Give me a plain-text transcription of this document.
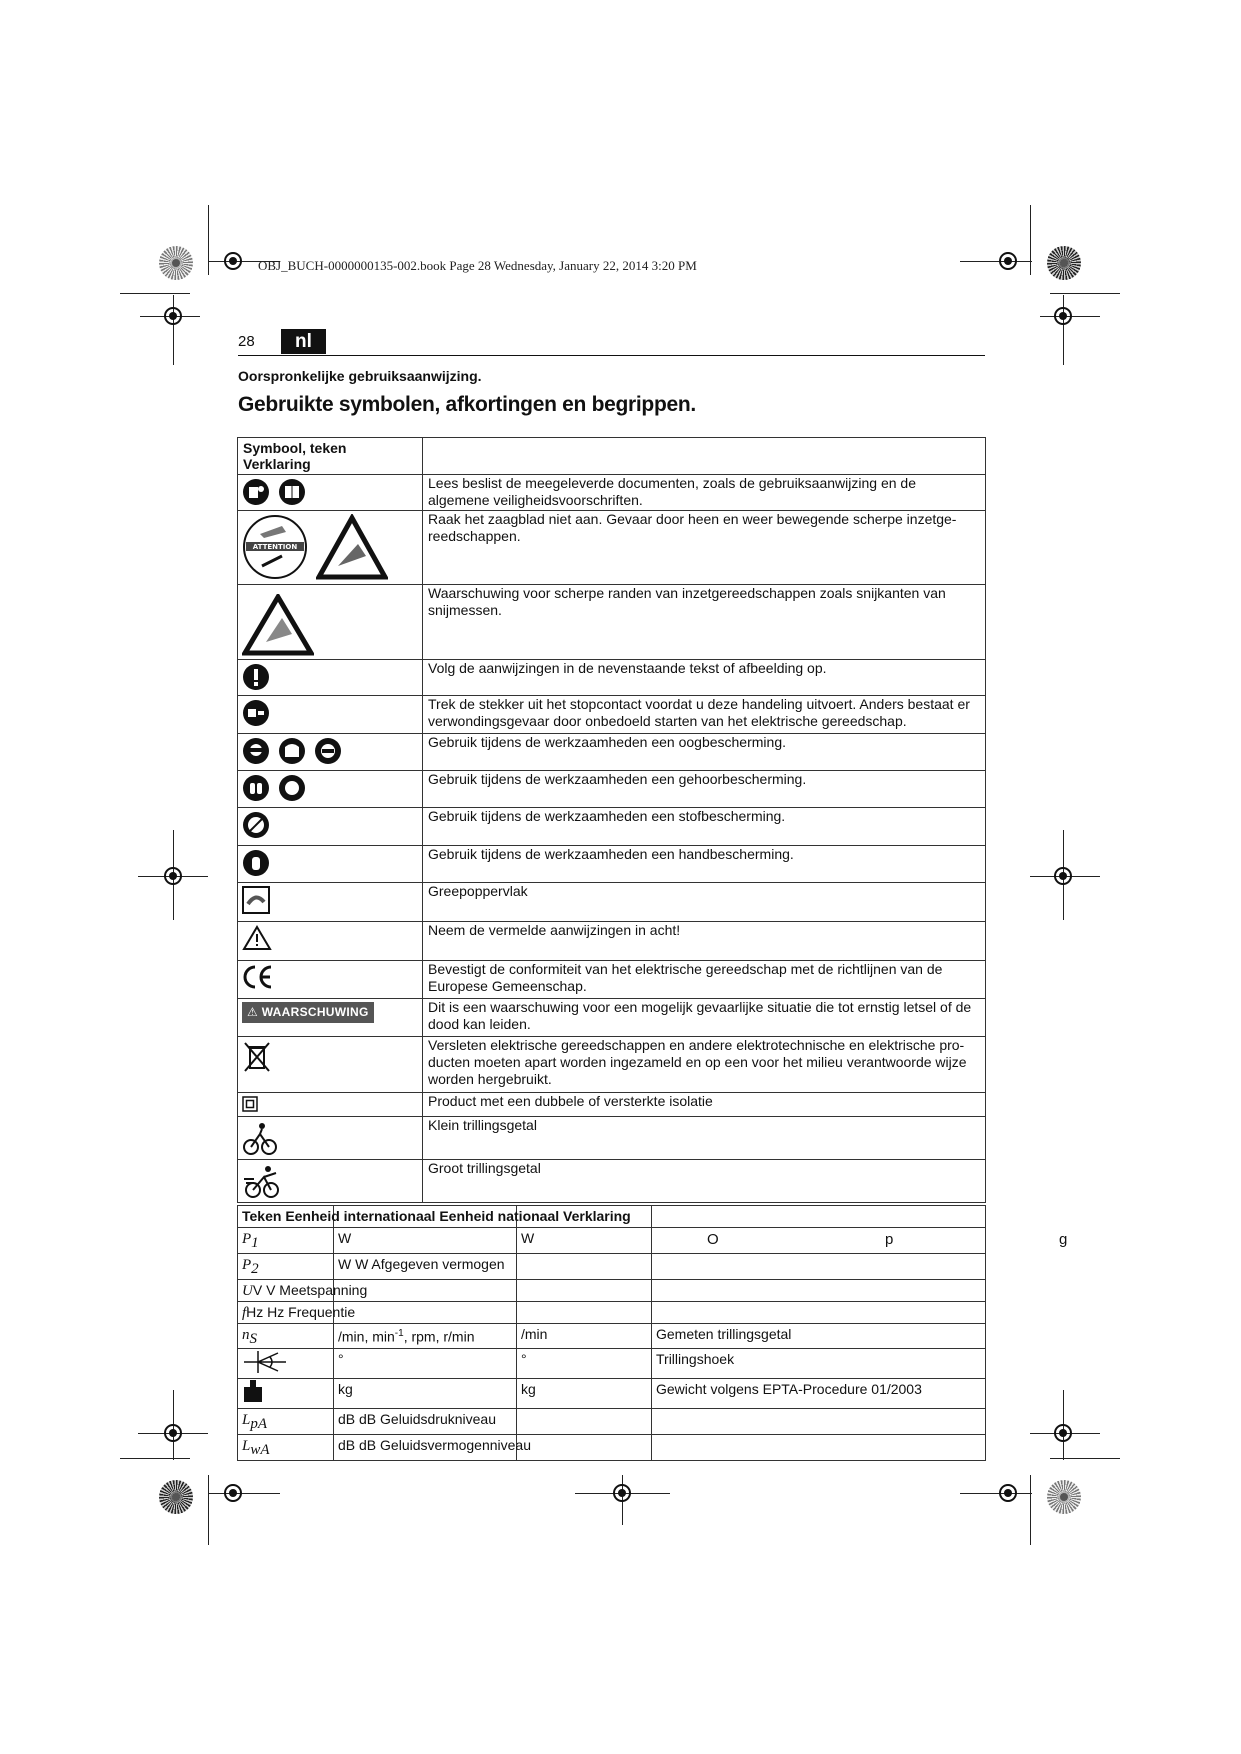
OBJ_BUCH-0000000135-002.book Page 28 Wednesday, January 22, 2014 3:20 PM
28	nl
Oorspronkelijke gebruiksaanwijzing.
Gebruikte symbolen, afkortingen en begrippen.
Symbool, teken Verklaring	

	Lees beslist de meegeleverde documenten, zoals de gebruiksaanwijzing en de algemene veiligheidsvoorschriften.

ATTENTION	Raak het zaagblad niet aan. Gevaar door heen en weer bewegende scherpe inzetge-reedschappen.

	Waarschuwing voor scherpe randen van inzetgereedschappen zoals snijkanten van snijmessen.

	Volg de aanwijzingen in de nevenstaande tekst of afbeelding op.

	Trek de stekker uit het stopcontact voordat u deze handeling uitvoert. Anders bestaat er verwondingsgevaar door onbedoeld starten van het elektrische gereedschap.

	Gebruik tijdens de werkzaamheden een oogbescherming.

	Gebruik tijdens de werkzaamheden een gehoorbescherming.

	Gebruik tijdens de werkzaamheden een stofbescherming.

	Gebruik tijdens de werkzaamheden een handbescherming.

	Greepoppervlak

	Neem de vermelde aanwijzingen in acht!

	Bevestigt de conformiteit van het elektrische gereedschap met de richtlijnen van de Europese Gemeenschap.
⚠ WAARSCHUWING	Dit is een waarschuwing voor een mogelijk gevaarlijke situatie die tot ernstig letsel of de dood kan leiden.

	Versleten elektrische gereedschappen en andere elektrotechnische en elektrische pro-ducten moeten apart worden ingezameld en op een voor het milieu verantwoorde wijze worden hergebruikt.

	Product met een dubbele of versterkte isolatie

	Klein trillingsgetal

	Groot trillingsgetal
Teken Eenheid internationaal Eenheid nationaal Verklaring			
$P_1$	W	W	
$P_2$	W W Afgegeven vermogen		
UV V Meetspanning			
fHz Hz Frequentie			
$n_S$	/min, $\min^{-1}$, rpm, r/min	/min	Gemeten trillingsgetal

	°	°	Trillingshoek

	kg	kg	Gewicht volgens EPTA-Procedure 01/2003
$L_{pA}$	dB dB Geluidsdrukniveau		
$L_{wA}$	dB dB Geluidsvermogenniveau		
O	p	g
